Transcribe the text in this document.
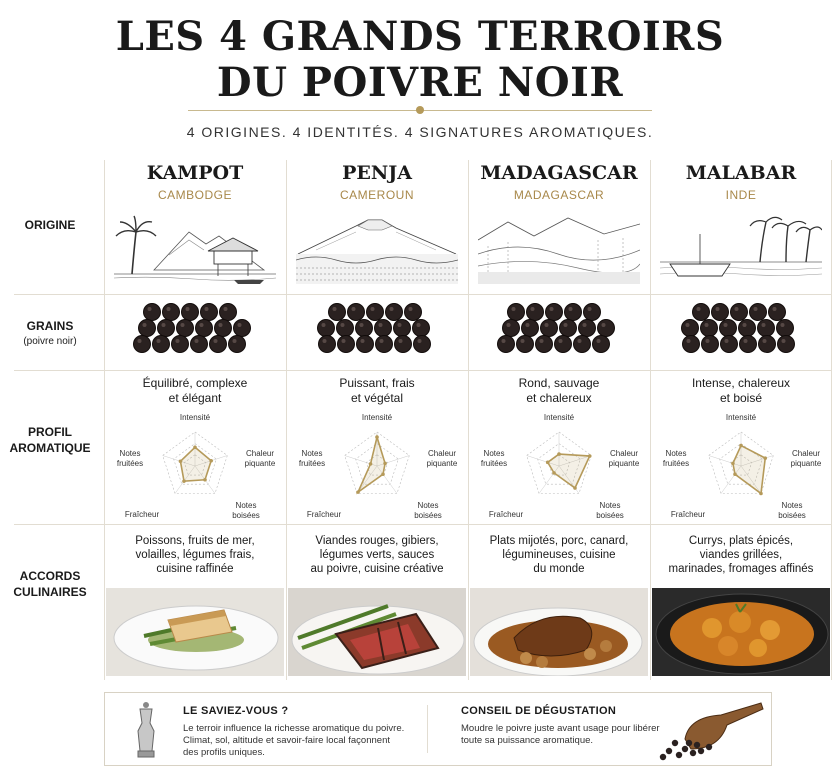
LES 4 GRANDS TERROIRS
DU POIVRE NOIR
4 ORIGINES. 4 IDENTITÉS. 4 SIGNATURES AROMATIQUES.
ORIGINE
GRAINS
(poivre noir)
PROFIL
AROMATIQUE
ACCORDS
CULINAIRES
KAMPOT
CAMBODGE
Équilibré, complexe
et élégant
Intensité
Chaleur
piquante
Notes
boisées
Fraîcheur
Notes
fruitées
Poissons, fruits de mer,
volailles, légumes frais,
cuisine raffinée
PENJA
CAMEROUN
Puissant, frais
et végétal
Intensité
Chaleur
piquante
Notes
boisées
Fraîcheur
Notes
fruitées
Viandes rouges, gibiers,
légumes verts, sauces
au poivre, cuisine créative
MADAGASCAR
MADAGASCAR
Rond, sauvage
et chalereux
Intensité
Chaleur
piquante
Notes
boisées
Fraîcheur
Notes
fruitées
Plats mijotés, porc, canard,
légumineuses, cuisine
du monde
MALABAR
INDE
Intense, chalereux
et boisé
Intensité
Chaleur
piquante
Notes
boisées
Fraîcheur
Notes
fruitées
Currys, plats épicés,
viandes grillées,
marinades, fromages affinés
LE SAVIEZ-VOUS ?
Le terroir influence la richesse aromatique du poivre.
Climat, sol, altitude et savoir-faire local façonnent
des profils uniques.
CONSEIL DE DÉGUSTATION
Moudre le poivre juste avant usage pour libérer
toute sa puissance aromatique.
